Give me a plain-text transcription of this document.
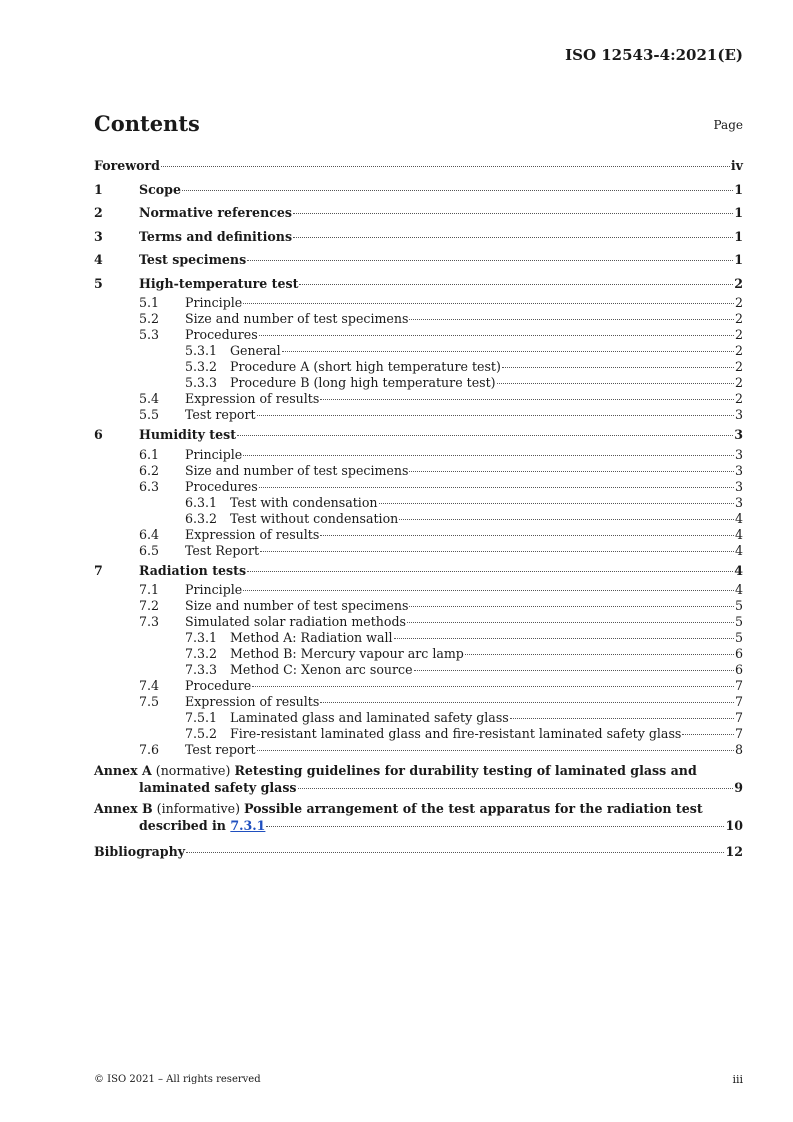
ISO 12543-4:2021(E)
Contents	Page
Foreword	iv
1	Scope	1
2	Normative references	1
3	Terms and definitions	1
4	Test specimens	1
5	High-temperature test	2
5.1 Principle	2
5.2 Size and number of test specimens	2
5.3 Procedures	2
5.3.1 General	2
5.3.2 Procedure A (short high temperature test)	2
5.3.3 Procedure B (long high temperature test)	2
5.4 Expression of results	2
5.5 Test report	3
6	Humidity test	3
6.1 Principle	3
6.2 Size and number of test specimens	3
6.3 Procedures	3
6.3.1 Test with condensation	3
6.3.2 Test without condensation	4
6.4 Expression of results	4
6.5 Test Report	4
7	Radiation tests	4
7.1 Principle	4
7.2 Size and number of test specimens	5
7.3 Simulated solar radiation methods	5
7.3.1 Method A: Radiation wall	5
7.3.2 Method B: Mercury vapour arc lamp	6
7.3.3 Method C: Xenon arc source	6
7.4 Procedure	7
7.5 Expression of results	7
7.5.1 Laminated glass and laminated safety glass	7
7.5.2 Fire-resistant laminated glass and fire-resistant laminated safety glass	7
7.6 Test report	8
Annex A (normative) Retesting guidelines for durability testing of laminated glass and
laminated safety glass	9
Annex B (informative) Possible arrangement of the test apparatus for the radiation test
described in 7.3.1	10
Bibliography	12
© ISO 2021 – All rights reserved	iii
